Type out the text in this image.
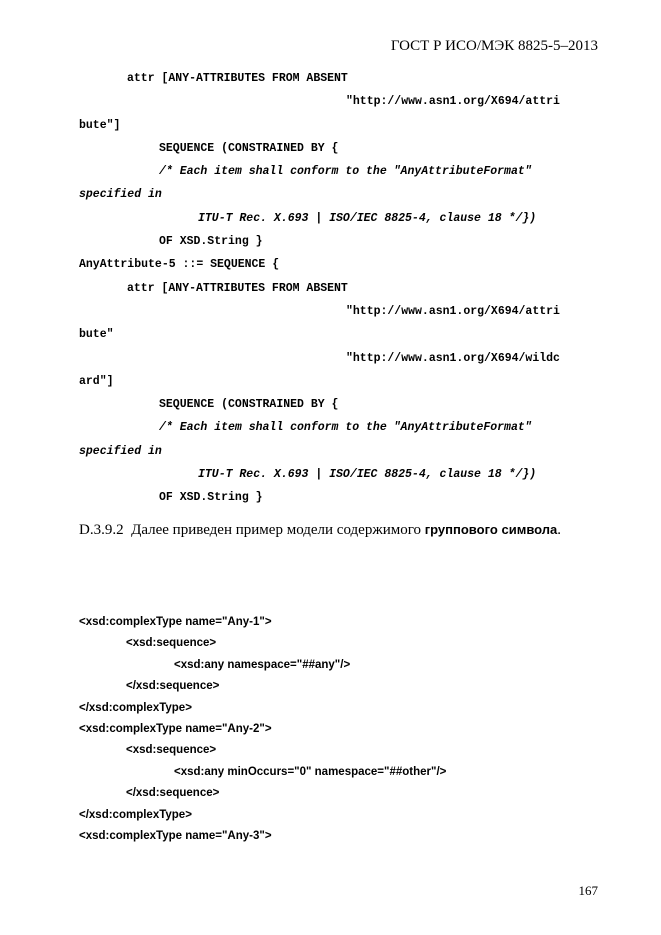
ГОСТ Р ИСО/МЭК 8825-5–2013
attr [ANY-ATTRIBUTES FROM ABSENT
"http://www.asn1.org/X694/attri
bute"]
SEQUENCE (CONSTRAINED BY {
/* Each item shall conform to the "AnyAttributeFormat"
specified in
ITU-T Rec. X.693 | ISO/IEC 8825-4, clause 18 */})
OF XSD.String }
AnyAttribute-5 ::= SEQUENCE {
attr [ANY-ATTRIBUTES FROM ABSENT
"http://www.asn1.org/X694/attri
bute"
"http://www.asn1.org/X694/wildc
ard"]
SEQUENCE (CONSTRAINED BY {
/* Each item shall conform to the "AnyAttributeFormat"
specified in
ITU-T Rec. X.693 | ISO/IEC 8825-4, clause 18 */})
OF XSD.String }
D.3.9.2 Далее приведен пример модели содержимого группового символа.
<xsd:complexType name="Any-1">
<xsd:sequence>
<xsd:any namespace="##any"/>
</xsd:sequence>
</xsd:complexType>
<xsd:complexType name="Any-2">
<xsd:sequence>
<xsd:any minOccurs="0" namespace="##other"/>
</xsd:sequence>
</xsd:complexType>
<xsd:complexType name="Any-3">
167
